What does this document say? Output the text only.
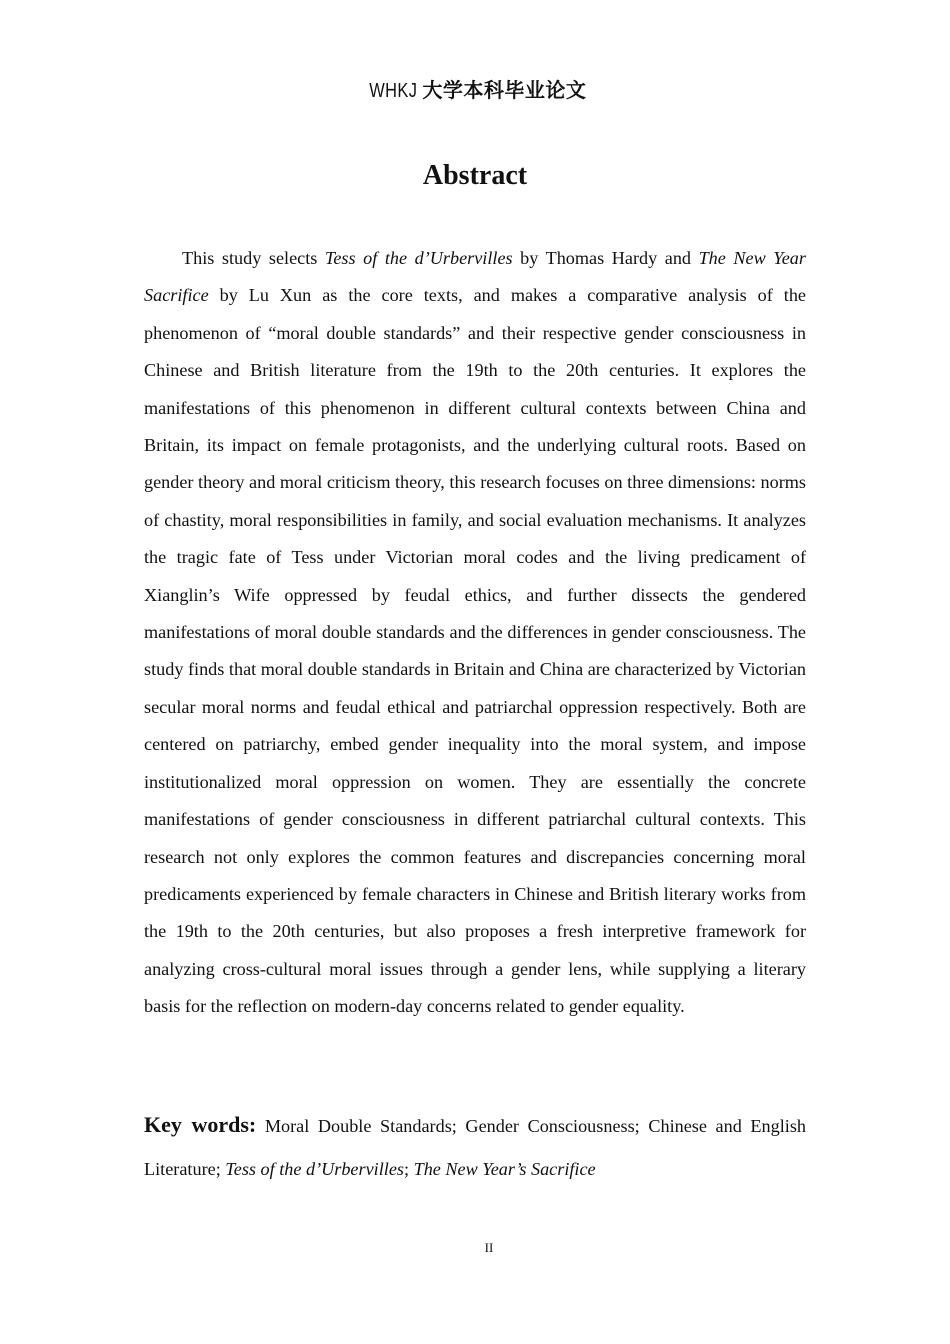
WHKJ 大学本科毕业论文
Abstract

This study selects Tess of the d’Urbervilles by Thomas Hardy and The New Year Sacrifice by Lu Xun as the core texts, and makes a comparative analysis of the phenomenon of “moral double standards” and their respective gender consciousness in Chinese and British literature from the 19th to the 20th centuries. It explores the manifestations of this phenomenon in different cultural contexts between China and Britain, its impact on female protagonists, and the underlying cultural roots. Based on gender theory and moral criticism theory, this research focuses on three dimensions: norms of chastity, moral responsibilities in family, and social evaluation mechanisms. It analyzes the tragic fate of Tess under Victorian moral codes and the living predicament of Xianglin’s Wife oppressed by feudal ethics, and further dissects the gendered manifestations of moral double standards and the differences in gender consciousness. The study finds that moral double standards in Britain and China are characterized by Victorian secular moral norms and feudal ethical and patriarchal oppression respectively. Both are centered on patriarchy, embed gender inequality into the moral system, and impose institutionalized moral oppression on women. They are essentially the concrete manifestations of gender consciousness in different patriarchal cultural contexts. This research not only explores the common features and discrepancies concerning moral predicaments experienced by female characters in Chinese and British literary works from the 19th to the 20th centuries, but also proposes a fresh interpretive framework for analyzing cross-cultural moral issues through a gender lens, while supplying a literary basis for the reflection on modern-day concerns related to gender equality.

Key words: Moral Double Standards; Gender Consciousness; Chinese and English Literature; Tess of the d’Urbervilles; The New Year’s Sacrifice

II
